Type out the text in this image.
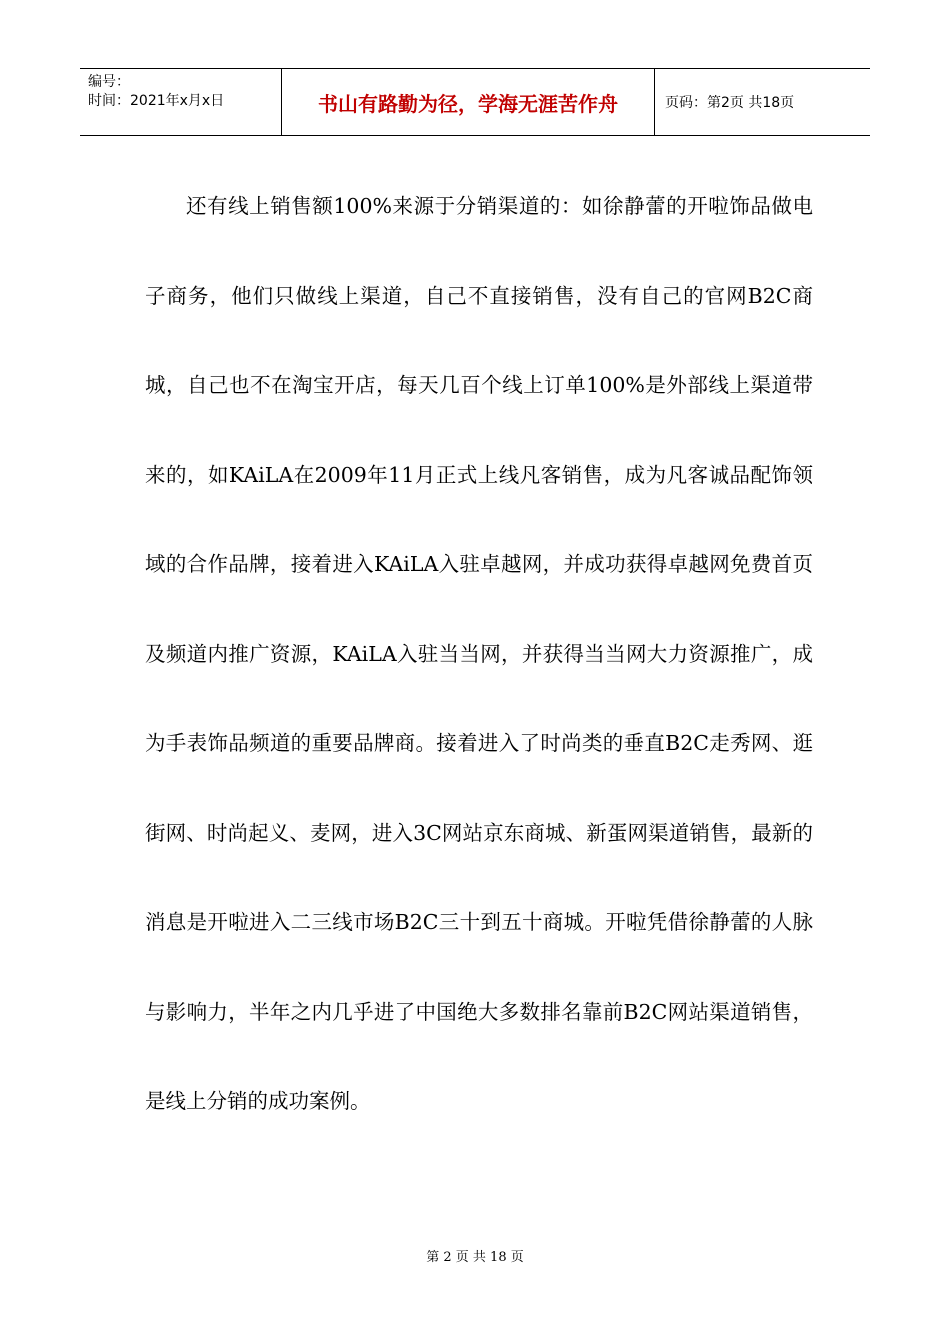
编号：
时间：2021年x月x日	书山有路勤为径，学海无涯苦作舟	页码：第2页 共18页

还有线上销售额100%来源于分销渠道的：如徐静蕾的开啦饰品做电子商务，他们只做线上渠道，自己不直接销售，没有自己的官网B2C商城，自己也不在淘宝开店，每天几百个线上订单100%是外部线上渠道带来的，如KAiLA在2009年11月正式上线凡客销售，成为凡客诚品配饰领域的合作品牌，接着进入KAiLA入驻卓越网，并成功获得卓越网免费首页及频道内推广资源，KAiLA入驻当当网，并获得当当网大力资源推广，成为手表饰品频道的重要品牌商。接着进入了时尚类的垂直B2C走秀网、逛街网、时尚起义、麦网，进入3C网站京东商城、新蛋网渠道销售，最新的消息是开啦进入二三线市场B2C三十到五十商城。开啦凭借徐静蕾的人脉与影响力，半年之内几乎进了中国绝大多数排名靠前B2C网站渠道销售，是线上分销的成功案例。

第 2 页 共 18 页
